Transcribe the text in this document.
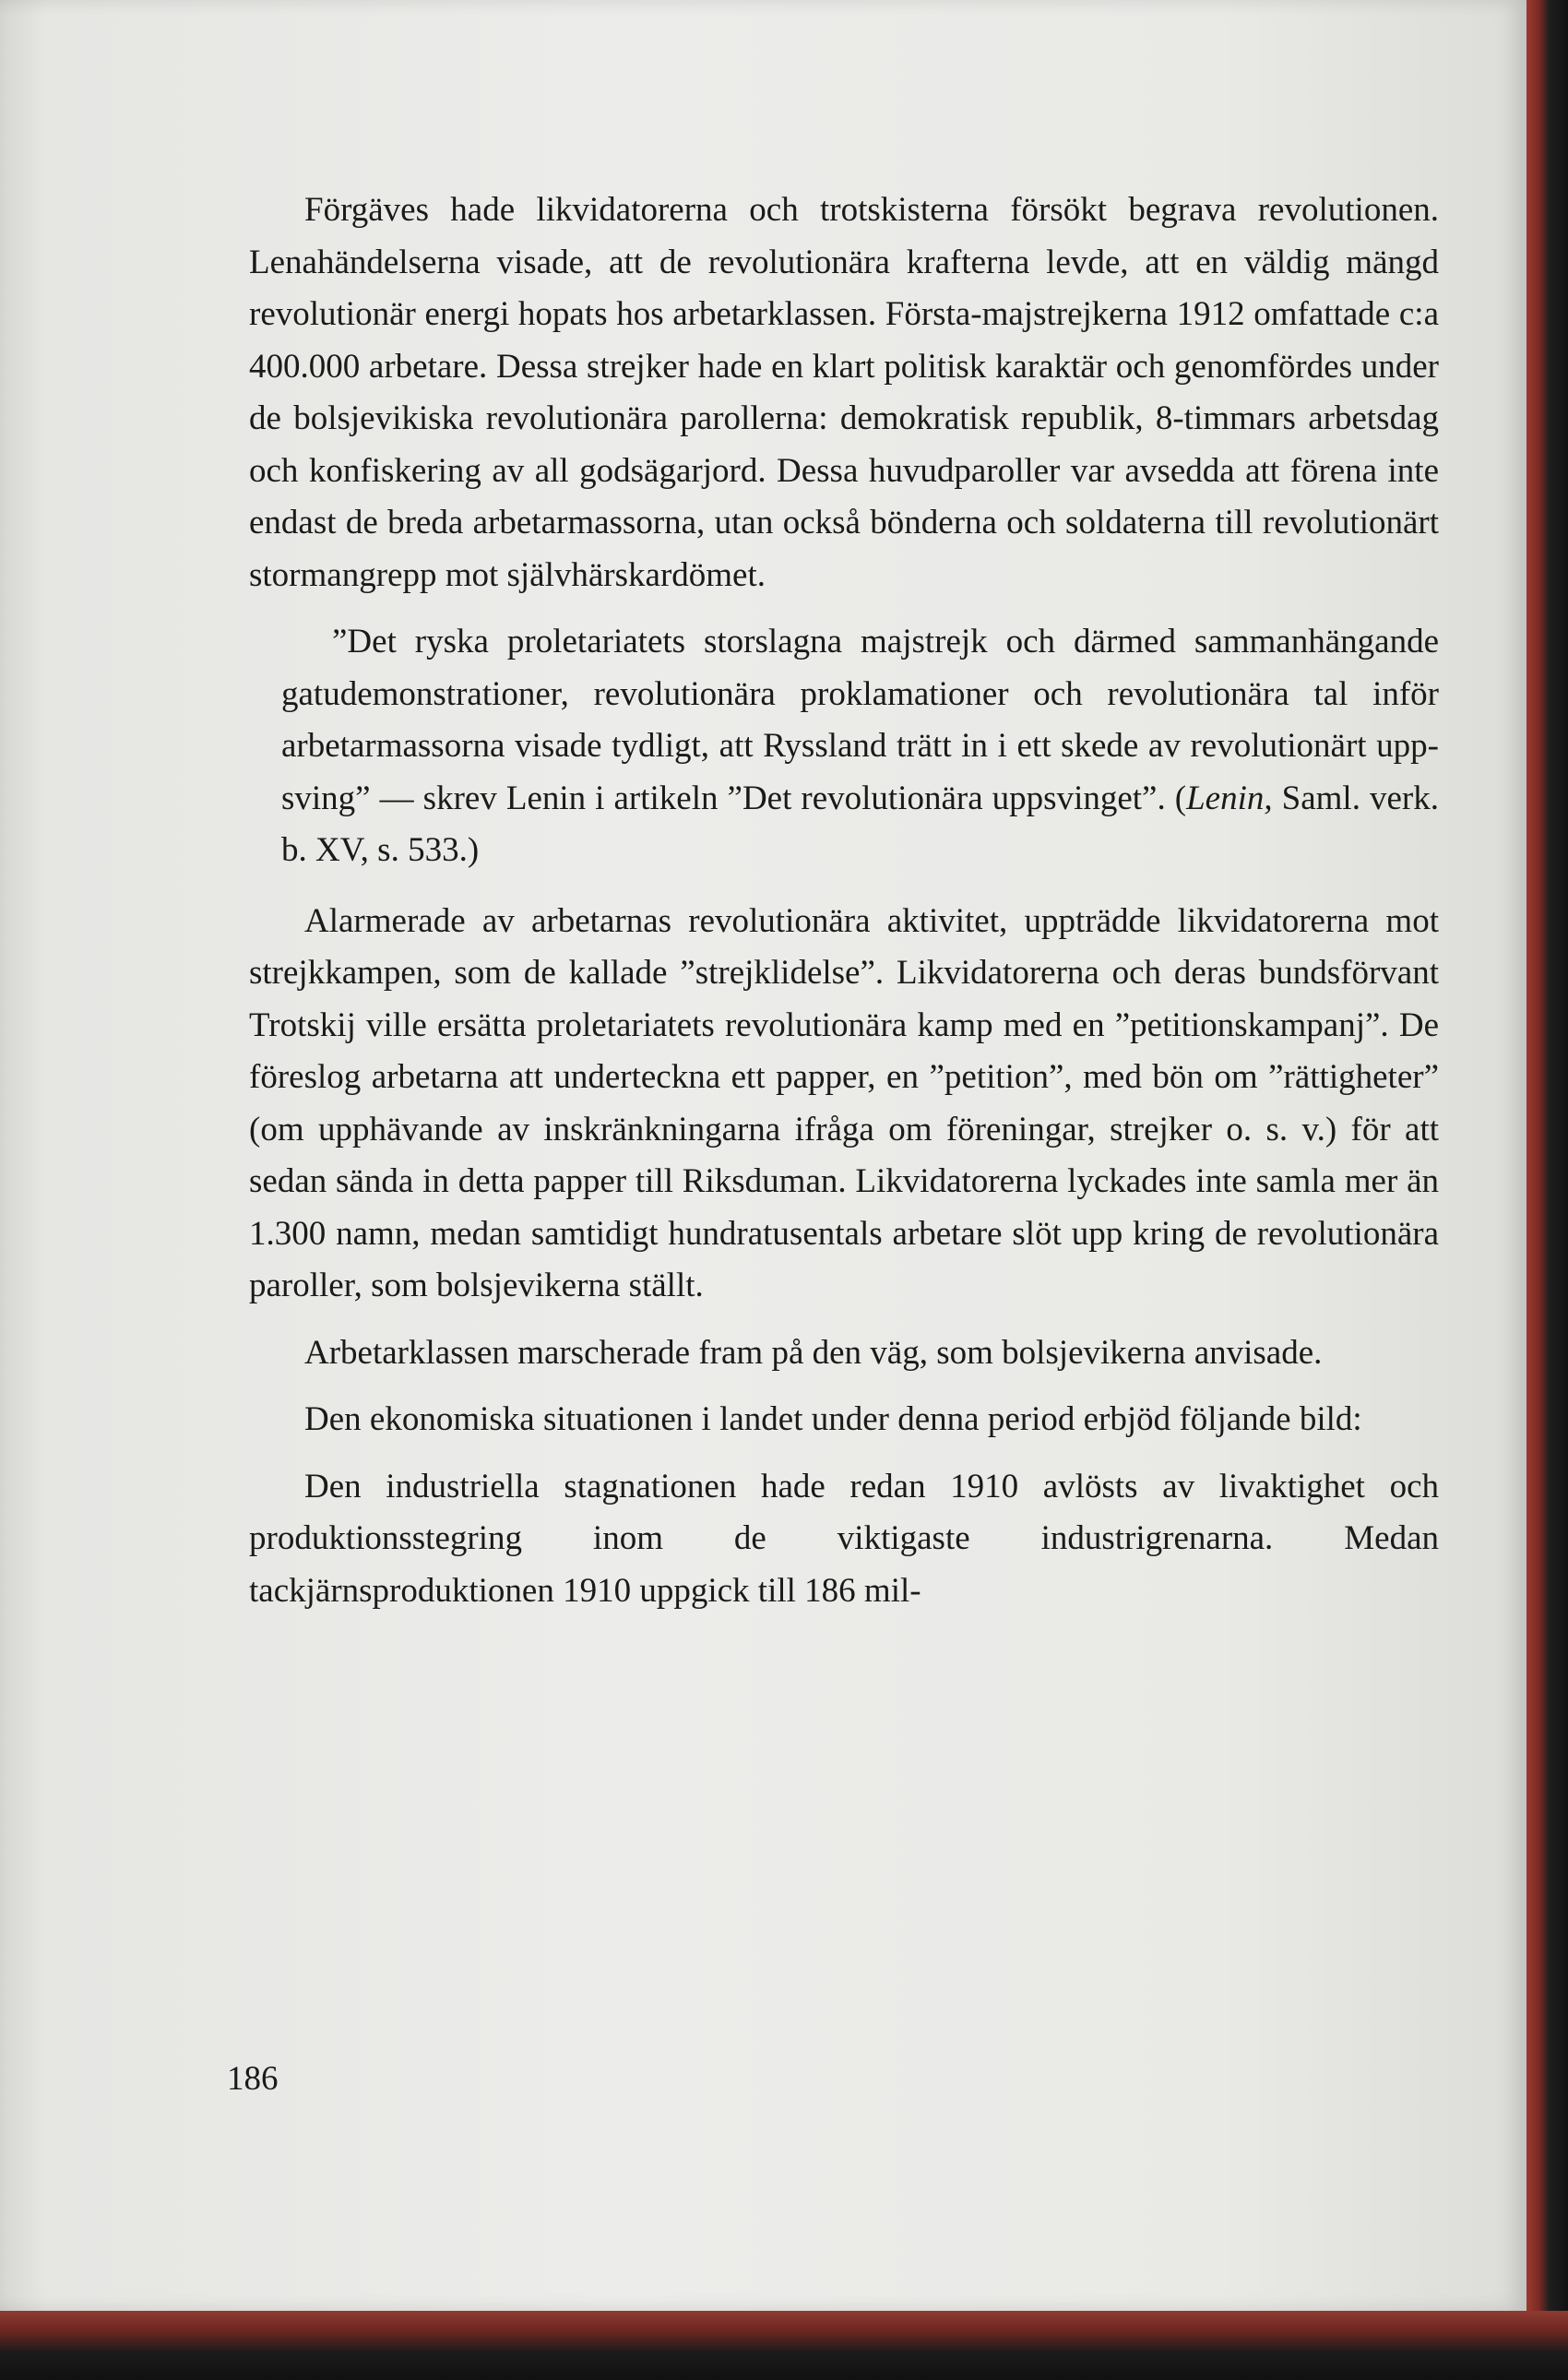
Förgäves hade likvidatorerna och trotskisterna försökt begrava revolutionen. Lenahändelserna visade, att de revolutionära krafterna levde, att en väldig mängd revolutionär energi hopats hos arbetarklassen. Första-majstrejkerna 1912 omfattade c:a 400.000 arbetare. Dessa strejker hade en klart politisk karaktär och genomfördes under de bolsjevikiska revolutionära parollerna: demokratisk republik, 8-timmars arbetsdag och konfiskering av all godsägarjord. Dessa huvudparoller var avsedda att förena inte endast de breda arbetarmassorna, utan också bönderna och soldaterna till revolutionärt stormangrepp mot självhärskardömet.

”Det ryska proletariatets storslagna majstrejk och därmed sammanhängande gatudemonstrationer, revolutionära proklamationer och revolutionära tal inför arbetarmassorna visade tydligt, att Ryssland trätt in i ett skede av revolutionärt uppsving” — skrev Lenin i artikeln ”Det revolutionära uppsvinget”. (Lenin, Saml. verk. b. XV, s. 533.)

Alarmerade av arbetarnas revolutionära aktivitet, uppträdde likvidatorerna mot strejkkampen, som de kallade ”strejklidelse”. Likvidatorerna och deras bundsförvant Trotskij ville ersätta proletariatets revolutionära kamp med en ”petitionskampanj”. De föreslog arbetarna att underteckna ett papper, en ”petition”, med bön om ”rättigheter” (om upphävande av inskränkningarna ifråga om föreningar, strejker o. s. v.) för att sedan sända in detta papper till Riksduman. Likvidatorerna lyckades inte samla mer än 1.300 namn, medan samtidigt hundratusentals arbetare slöt upp kring de revolutionära paroller, som bolsjevikerna ställt.

Arbetarklassen marscherade fram på den väg, som bolsjevikerna anvisade.

Den ekonomiska situationen i landet under denna period erbjöd följande bild:

Den industriella stagnationen hade redan 1910 avlösts av livaktighet och produktionsstegring inom de viktigaste industrigrenarna. Medan tackjärnsproduktionen 1910 uppgick till 186 mil-

186
